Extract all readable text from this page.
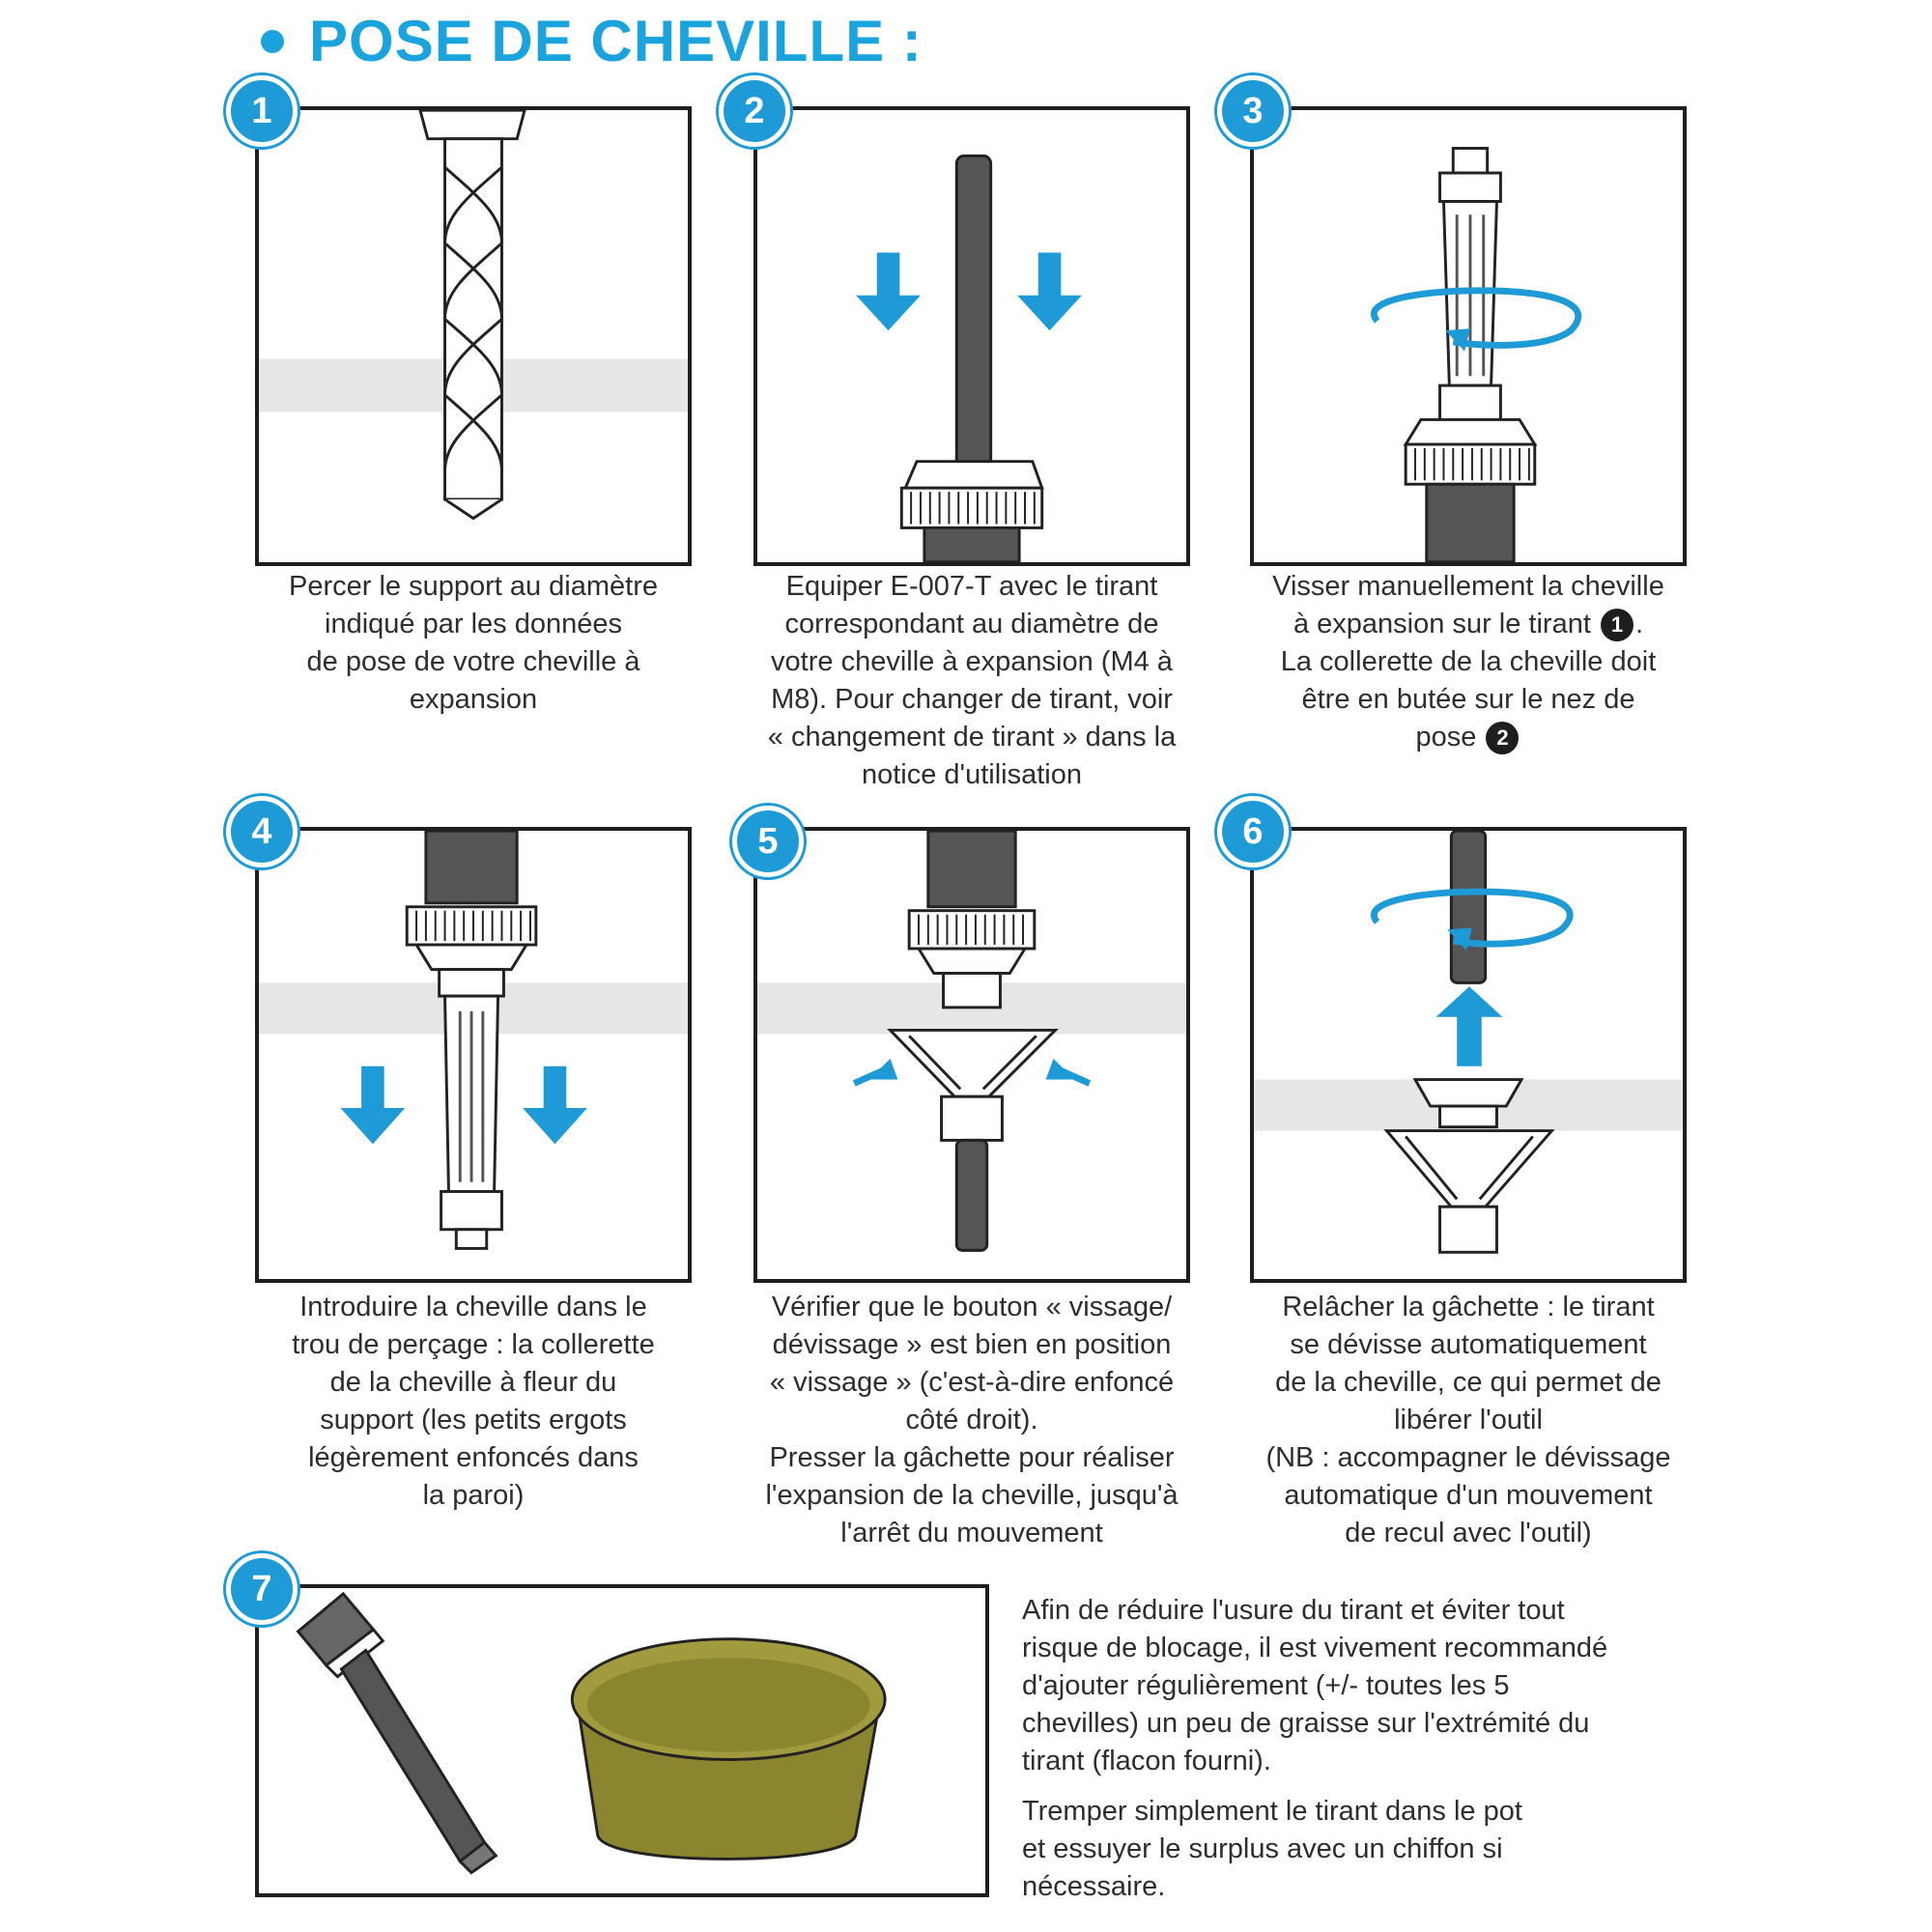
POSE DE CHEVILLE :
1
Percer le support au diamètre
indiqué par les données
de pose de votre cheville à
expansion
2
Equiper E-007-T avec le tirant
correspondant au diamètre de
votre cheville à expansion (M4 à
M8). Pour changer de tirant, voir
« changement de tirant » dans la
notice d'utilisation
3
Visser manuellement la cheville
à expansion sur le tirant 1 .
La collerette de la cheville doit
être en butée sur le nez de
pose 2
4
Introduire la cheville dans le
trou de perçage : la collerette
de la cheville à fleur du
support (les petits ergots
légèrement enfoncés dans
la paroi)
5
Vérifier que le bouton « vissage/
dévissage » est bien en position
« vissage » (c'est-à-dire enfoncé
côté droit).
Presser la gâchette pour réaliser
l'expansion de la cheville, jusqu'à
l'arrêt du mouvement
6
Relâcher la gâchette : le tirant
se dévisse automatiquement
de la cheville, ce qui permet de
libérer l'outil
(NB : accompagner le dévissage
automatique d'un mouvement
de recul avec l'outil)
7
Afin de réduire l'usure du tirant et éviter tout
risque de blocage, il est vivement recommandé
d'ajouter régulièrement (+/- toutes les 5
chevilles) un peu de graisse sur l'extrémité du
tirant (flacon fourni).
Tremper simplement le tirant dans le pot
et essuyer le surplus avec un chiffon si
nécessaire.
